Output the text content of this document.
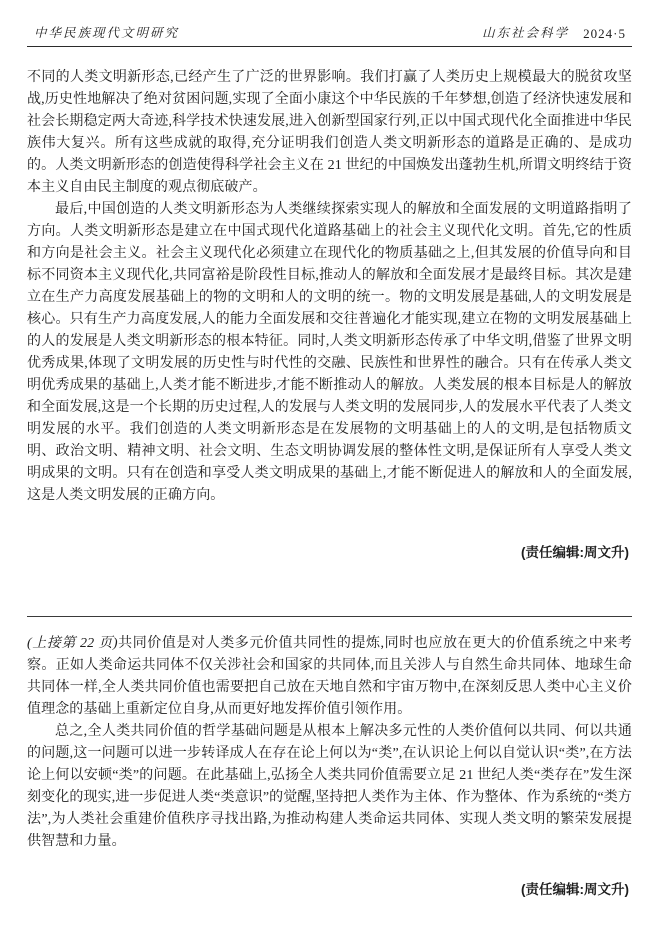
中华民族现代文明研究	山东社会科学 2024·5

不同的人类文明新形态,已经产生了广泛的世界影响。我们打赢了人类历史上规模最大的脱贫攻坚战,历史性地解决了绝对贫困问题,实现了全面小康这个中华民族的千年梦想,创造了经济快速发展和社会长期稳定两大奇迹,科学技术快速发展,进入创新型国家行列,正以中国式现代化全面推进中华民族伟大复兴。所有这些成就的取得,充分证明我们创造人类文明新形态的道路是正确的、是成功的。人类文明新形态的创造使得科学社会主义在 21 世纪的中国焕发出蓬勃生机,所谓文明终结于资本主义自由民主制度的观点彻底破产。

最后,中国创造的人类文明新形态为人类继续探索实现人的解放和全面发展的文明道路指明了方向。人类文明新形态是建立在中国式现代化道路基础上的社会主义现代化文明。首先,它的性质和方向是社会主义。社会主义现代化必须建立在现代化的物质基础之上,但其发展的价值导向和目标不同资本主义现代化,共同富裕是阶段性目标,推动人的解放和全面发展才是最终目标。其次是建立在生产力高度发展基础上的物的文明和人的文明的统一。物的文明发展是基础,人的文明发展是核心。只有生产力高度发展,人的能力全面发展和交往普遍化才能实现,建立在物的文明发展基础上的人的发展是人类文明新形态的根本特征。同时,人类文明新形态传承了中华文明,借鉴了世界文明优秀成果,体现了文明发展的历史性与时代性的交融、民族性和世界性的融合。只有在传承人类文明优秀成果的基础上,人类才能不断进步,才能不断推动人的解放。人类发展的根本目标是人的解放和全面发展,这是一个长期的历史过程,人的发展与人类文明的发展同步,人的发展水平代表了人类文明发展的水平。我们创造的人类文明新形态是在发展物的文明基础上的人的文明,是包括物质文明、政治文明、精神文明、社会文明、生态文明协调发展的整体性文明,是保证所有人享受人类文明成果的文明。只有在创造和享受人类文明成果的基础上,才能不断促进人的解放和人的全面发展,这是人类文明发展的正确方向。

(责任编辑:周文升)

(上接第 22 页)共同价值是对人类多元价值共同性的提炼,同时也应放在更大的价值系统之中来考察。正如人类命运共同体不仅关涉社会和国家的共同体,而且关涉人与自然生命共同体、地球生命共同体一样,全人类共同价值也需要把自己放在天地自然和宇宙万物中,在深刻反思人类中心主义价值理念的基础上重新定位自身,从而更好地发挥价值引领作用。

总之,全人类共同价值的哲学基础问题是从根本上解决多元性的人类价值何以共同、何以共通的问题,这一问题可以进一步转译成人在存在论上何以为“类”,在认识论上何以自觉认识“类”,在方法论上何以安顿“类”的问题。在此基础上,弘扬全人类共同价值需要立足 21 世纪人类“类存在”发生深刻变化的现实,进一步促进人类“类意识”的觉醒,坚持把人类作为主体、作为整体、作为系统的“类方法”,为人类社会重建价值秩序寻找出路,为推动构建人类命运共同体、实现人类文明的繁荣发展提供智慧和力量。

(责任编辑:周文升)
